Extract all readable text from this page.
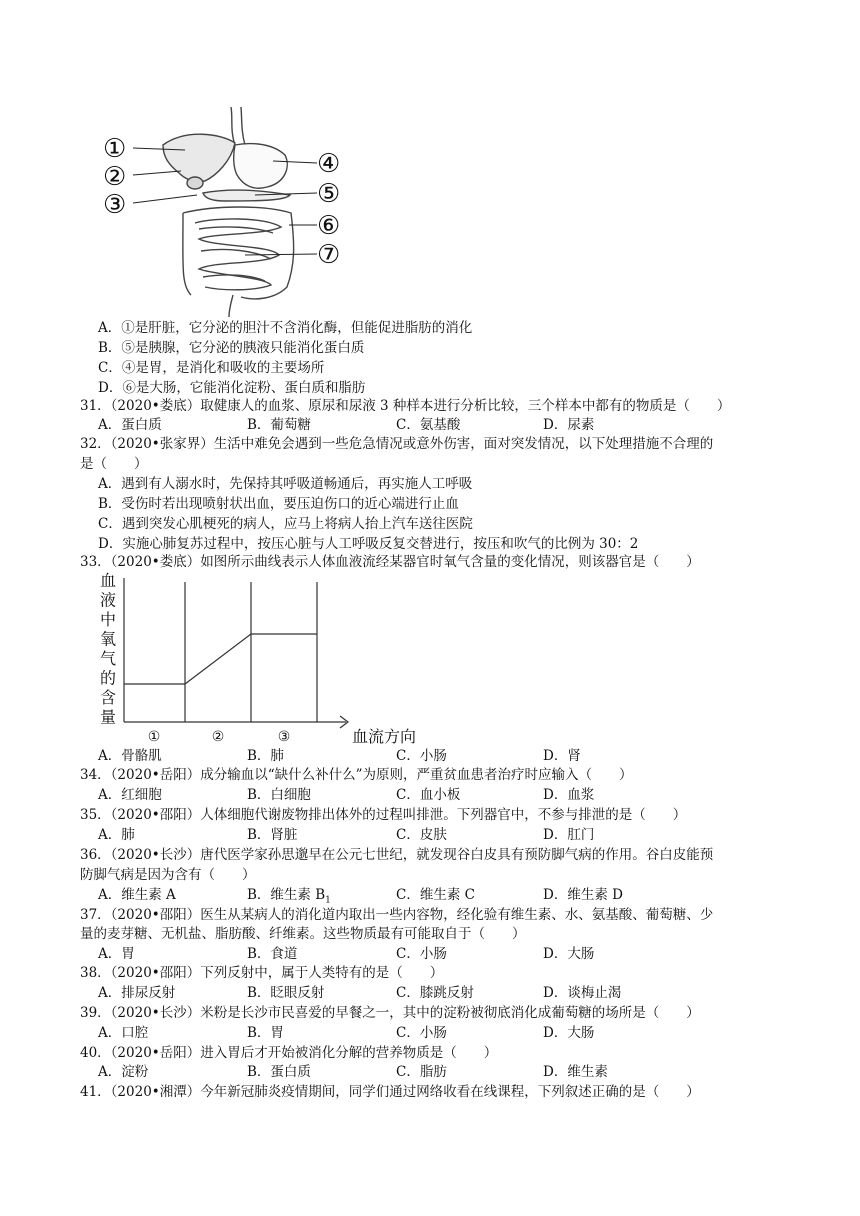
①
②
③
④
⑤
⑥
⑦
A．①是肝脏，它分泌的胆汁不含消化酶，但能促进脂肪的消化
B．⑤是胰腺，它分泌的胰液只能消化蛋白质
C．④是胃，是消化和吸收的主要场所
D．⑥是大肠，它能消化淀粉、蛋白质和脂肪
31．（2020•娄底）取健康人的血浆、原尿和尿液 3 种样本进行分析比较，三个样本中都有的物质是（　　）
A．蛋白质	B．葡萄糖	C．氨基酸	D．尿素
32．（2020•张家界）生活中难免会遇到一些危急情况或意外伤害，面对突发情况，以下处理措施不合理的
是（　　）
A．遇到有人溺水时，先保持其呼吸道畅通后，再实施人工呼吸
B．受伤时若出现喷射状出血，要压迫伤口的近心端进行止血
C．遇到突发心肌梗死的病人，应马上将病人抬上汽车送往医院
D．实施心肺复苏过程中，按压心脏与人工呼吸反复交替进行，按压和吹气的比例为 30：2
33．（2020•娄底）如图所示曲线表示人体血液流经某器官时氧气含量的变化情况，则该器官是（　　）
血
液
中
氧
气
的
含
量
①	②	③	血流方向
A．骨骼肌	B．肺	C．小肠	D．肾
34．（2020•岳阳）成分输血以“缺什么补什么”为原则，严重贫血患者治疗时应输入（　　）
A．红细胞	B．白细胞	C．血小板	D．血浆
35．（2020•邵阳）人体细胞代谢废物排出体外的过程叫排泄。下列器官中，不参与排泄的是（　　）
A．肺	B．肾脏	C．皮肤	D．肛门
36．（2020•长沙）唐代医学家孙思邈早在公元七世纪，就发现谷白皮具有预防脚气病的作用。谷白皮能预
防脚气病是因为含有（　　）
A．维生素 A	B．维生素 $B_1$	C．维生素 C	D．维生素 D
37．（2020•邵阳）医生从某病人的消化道内取出一些内容物，经化验有维生素、水、氨基酸、葡萄糖、少
量的麦芽糖、无机盐、脂肪酸、纤维素。这些物质最有可能取自于（　　）
A．胃	B．食道	C．小肠	D．大肠
38．（2020•邵阳）下列反射中，属于人类特有的是（　　）
A．排尿反射	B．眨眼反射	C．膝跳反射	D．谈梅止渴
39．（2020•长沙）米粉是长沙市民喜爱的早餐之一，其中的淀粉被彻底消化成葡萄糖的场所是（　　）
A．口腔	B．胃	C．小肠	D．大肠
40．（2020•岳阳）进入胃后才开始被消化分解的营养物质是（　　）
A．淀粉	B．蛋白质	C．脂肪	D．维生素
41．（2020•湘潭）今年新冠肺炎疫情期间，同学们通过网络收看在线课程，下列叙述正确的是（　　）
